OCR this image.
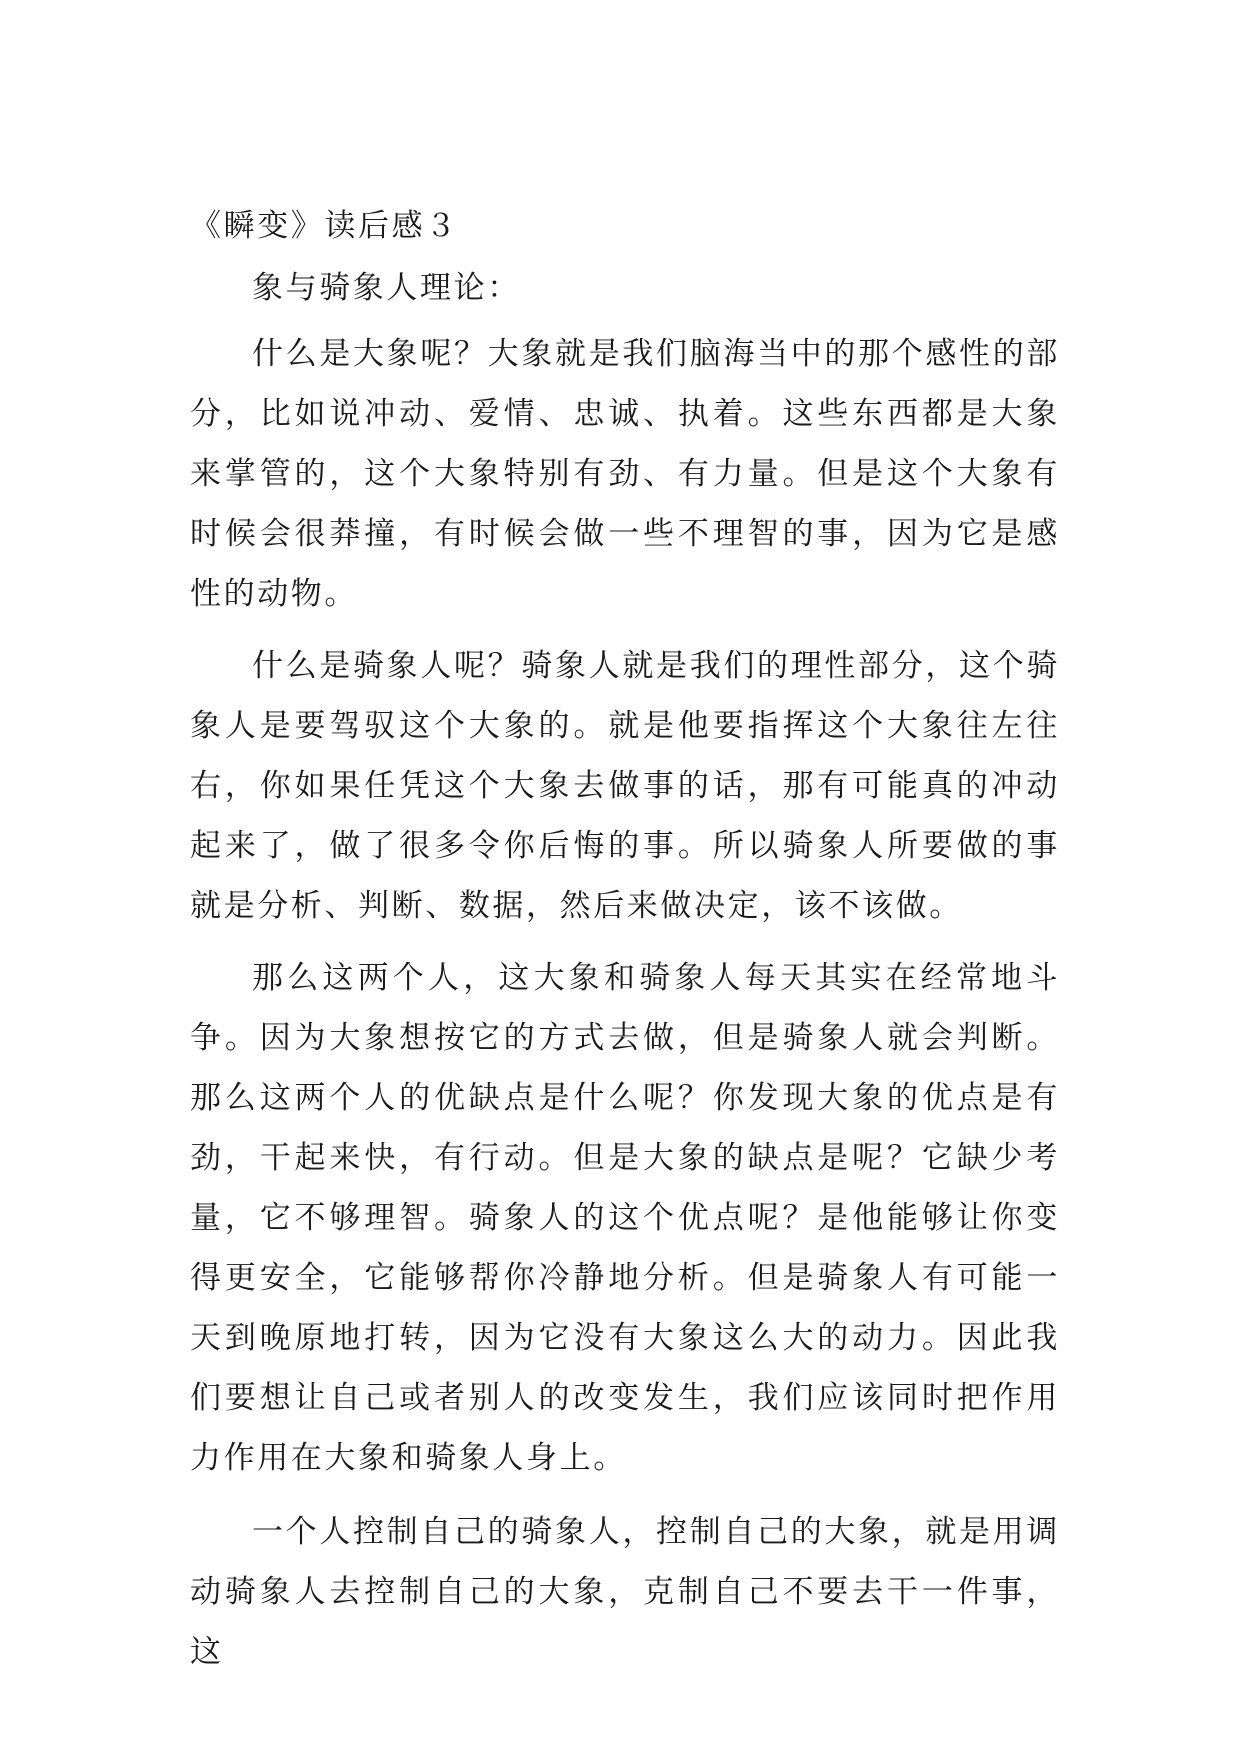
《瞬变》读后感３

象与骑象人理论：

什么是大象呢？大象就是我们脑海当中的那个感性的部分，比如说冲动、爱情、忠诚、执着。这些东西都是大象来掌管的，这个大象特别有劲、有力量。但是这个大象有时候会很莽撞，有时候会做一些不理智的事，因为它是感性的动物。

什么是骑象人呢？骑象人就是我们的理性部分，这个骑象人是要驾驭这个大象的。就是他要指挥这个大象往左往右，你如果任凭这个大象去做事的话，那有可能真的冲动起来了，做了很多令你后悔的事。所以骑象人所要做的事就是分析、判断、数据，然后来做决定，该不该做。

那么这两个人，这大象和骑象人每天其实在经常地斗争。因为大象想按它的方式去做，但是骑象人就会判断。那么这两个人的优缺点是什么呢？你发现大象的优点是有劲，干起来快，有行动。但是大象的缺点是呢？它缺少考量，它不够理智。骑象人的这个优点呢？是他能够让你变得更安全，它能够帮你冷静地分析。但是骑象人有可能一天到晚原地打转，因为它没有大象这么大的动力。因此我们要想让自己或者别人的改变发生，我们应该同时把作用力作用在大象和骑象人身上。

一个人控制自己的骑象人，控制自己的大象，就是用调动骑象人去控制自己的大象，克制自己不要去干一件事，这
